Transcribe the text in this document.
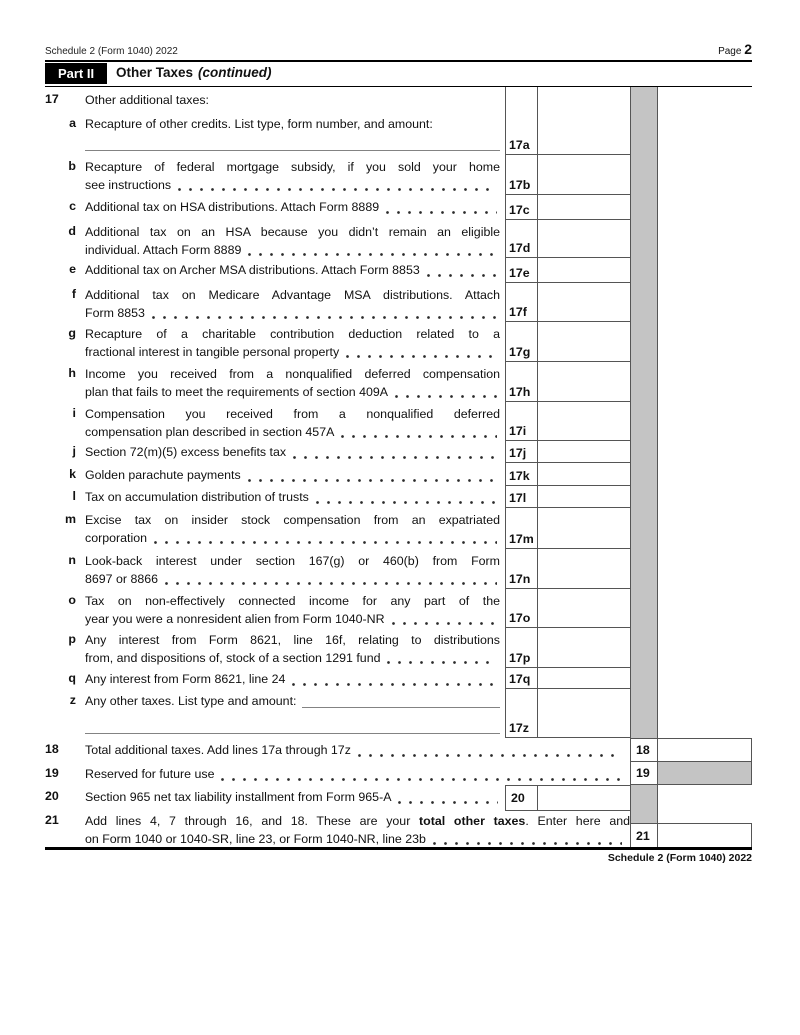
Schedule 2 (Form 1040) 2022	Page 2
Part II	Other Taxes (continued)
17	Other additional taxes:
a Recapture of other credits. List type, form number, and amount:
17a
b Recapture of federal mortgage subsidy, if you sold your home
see instructions	17b
c Additional tax on HSA distributions. Attach Form 8889	17c
d Additional tax on an HSA because you didn’t remain an eligible
individual. Attach Form 8889	17d
e Additional tax on Archer MSA distributions. Attach Form 8853	17e
f Additional tax on Medicare Advantage MSA distributions. Attach
Form 8853	17f
g Recapture of a charitable contribution deduction related to a
fractional interest in tangible personal property	17g
h Income you received from a nonqualified deferred compensation
plan that fails to meet the requirements of section 409A	17h
i Compensation you received from a nonqualified deferred
compensation plan described in section 457A	17i
j Section 72(m)(5) excess benefits tax	17j
k Golden parachute payments	17k
l Tax on accumulation distribution of trusts	17l
m Excise tax on insider stock compensation from an expatriated
corporation	17m
n Look-back interest under section 167(g) or 460(b) from Form
8697 or 8866	17n
o Tax on non-effectively connected income for any part of the
year you were a nonresident alien from Form 1040-NR	17o
p Any interest from Form 8621, line 16f, relating to distributions
from, and dispositions of, stock of a section 1291 fund	17p
q Any interest from Form 8621, line 24	17q
z Any other taxes. List type and amount:
17z
18 Total additional taxes. Add lines 17a through 17z	18
19 Reserved for future use	19
20 Section 965 net tax liability installment from Form 965-A	20
21 Add lines 4, 7 through 16, and 18. These are your total other taxes. Enter here and
on Form 1040 or 1040-SR, line 23, or Form 1040-NR, line 23b	21
Schedule 2 (Form 1040) 2022
